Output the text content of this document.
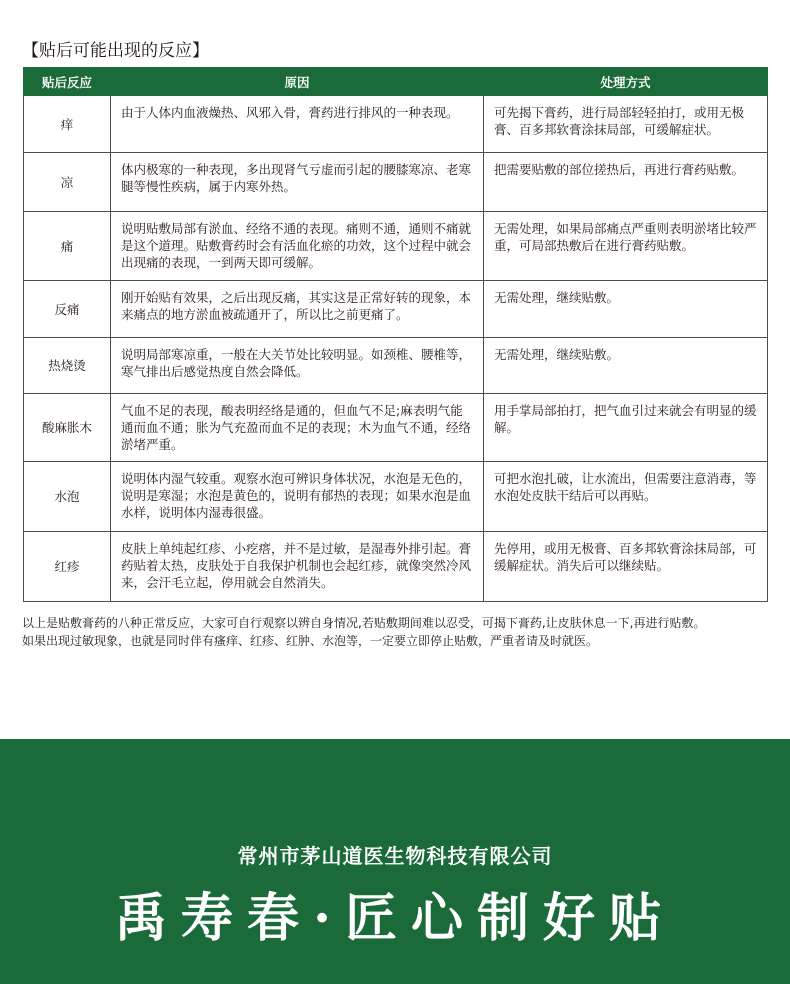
【贴后可能出现的反应】
贴后反应	原因	处理方式
痒	由于人体内血液燥热、风邪入骨，膏药进行排风的一种表现。	可先揭下膏药，进行局部轻轻拍打，或用无极膏、百多邦软膏涂抹局部，可缓解症状。
凉	体内极寒的一种表现，多出现肾气亏虚而引起的腰膝寒凉、老寒腿等慢性疾病，属于内寒外热。	把需要贴敷的部位搓热后，再进行膏药贴敷。
痛	说明贴敷局部有淤血、经络不通的表现。痛则不通，通则不痛就是这个道理。贴敷膏药时会有活血化瘀的功效，这个过程中就会出现痛的表现，一到两天即可缓解。	无需处理，如果局部痛点严重则表明淤堵比较严重，可局部热敷后在进行膏药贴敷。
反痛	刚开始贴有效果，之后出现反痛，其实这是正常好转的现象，本来痛点的地方淤血被疏通开了，所以比之前更痛了。	无需处理，继续贴敷。
热烧烫	说明局部寒凉重，一般在大关节处比较明显。如颈椎、腰椎等，寒气排出后感觉热度自然会降低。	无需处理，继续贴敷。
酸麻胀木	气血不足的表现，酸表明经络是通的，但血气不足;麻表明气能通而血不通；胀为气充盈而血不足的表现；木为血气不通，经络淤堵严重。	用手掌局部拍打，把气血引过来就会有明显的缓解。
水泡	说明体内湿气较重。观察水泡可辨识身体状况，水泡是无色的，说明是寒湿；水泡是黄色的，说明有郁热的表现；如果水泡是血水样，说明体内湿毒很盛。	可把水泡扎破，让水流出，但需要注意消毒，等水泡处皮肤干结后可以再贴。
红疹	皮肤上单纯起红疹、小疙瘩，并不是过敏，是湿毒外排引起。膏药贴着太热，皮肤处于自我保护机制也会起红疹，就像突然冷风来，会汗毛立起，停用就会自然消失。	先停用，或用无极膏、百多邦软膏涂抹局部，可缓解症状。消失后可以继续贴。

以上是贴敷膏药的八种正常反应，大家可自行观察以辨自身情况,若贴敷期间难以忍受，可揭下膏药,让皮肤休息一下,再进行贴敷。

如果出现过敏现象，也就是同时伴有瘙痒、红疹、红肿、水泡等，一定要立即停止贴敷，严重者请及时就医。

常州市茅山道医生物科技有限公司
禹寿春·匠心制好贴
